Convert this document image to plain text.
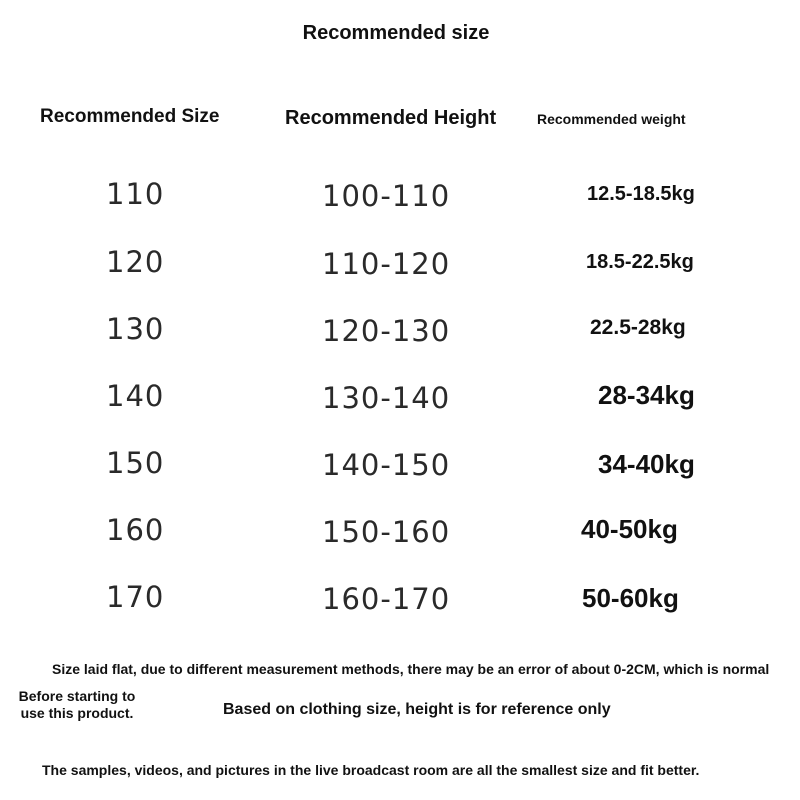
Recommended size
Recommended Size	Recommended Height	Recommended weight
110	100-110	12.5-18.5kg
120	110-120	18.5-22.5kg
130	120-130	22.5-28kg
140	130-140	28-34kg
150	140-150	34-40kg
160	150-160	40-50kg
170	160-170	50-60kg
Size laid flat, due to different measurement methods, there may be an error of about 0-2CM, which is normal
Before starting to use this product.	Based on clothing size, height is for reference only
The samples, videos, and pictures in the live broadcast room are all the smallest size and fit better.
